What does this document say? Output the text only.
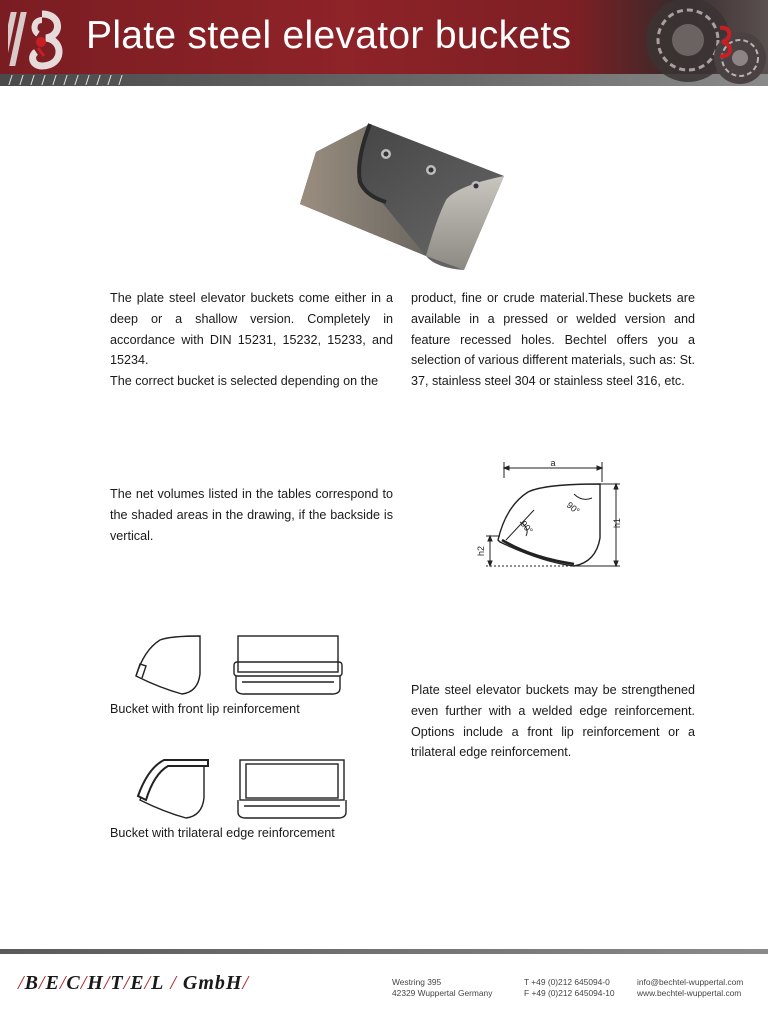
Plate steel elevator buckets

The plate steel elevator buckets come either in a deep or a shallow version. Completely in accordance with DIN 15231, 15232, 15233, and 15234.

The correct bucket is selected depending on the

product, fine or crude material.These buckets are available in a pressed or welded version and feature recessed holes. Bechtel offers you a selection of various different materials, such as: St. 37, stainless steel 304 or stainless steel 316, etc.

The net volumes listed in the tables correspond to the shaded areas in the drawing, if the backside is vertical.

a
h1
h2
90°
90°
Bucket with front lip reinforcement
Bucket with trilateral edge reinforcement

Plate steel elevator buckets may be strengthened even further with a welded edge reinforcement. Options include a front lip reinforcement or a trilateral edge reinforcement.

/B/E/C/H/T/E/L / GmbH/	Westring 395
42329 Wuppertal Germany
T +49 (0)212 645094-0
F +49 (0)212 645094-10
info@bechtel-wuppertal.com
www.bechtel-wuppertal.com
